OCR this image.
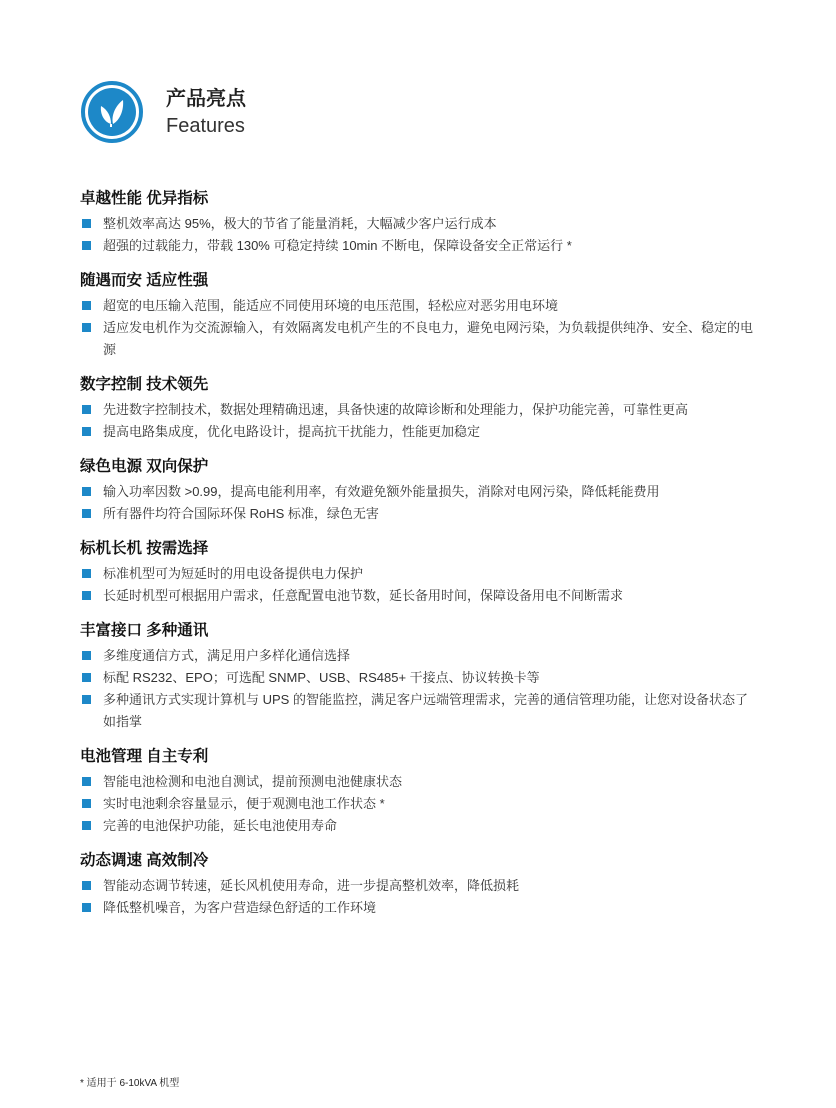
产品亮点
Features
卓越性能 优异指标
整机效率高达 95%，极大的节省了能量消耗，大幅减少客户运行成本
超强的过载能力，带载 130% 可稳定持续 10min 不断电，保障设备安全正常运行 *
随遇而安 适应性强
超宽的电压输入范围，能适应不同使用环境的电压范围，轻松应对恶劣用电环境
适应发电机作为交流源输入，有效隔离发电机产生的不良电力，避免电网污染，为负载提供纯净、安全、稳定的电源
数字控制 技术领先
先进数字控制技术，数据处理精确迅速，具备快速的故障诊断和处理能力，保护功能完善，可靠性更高
提高电路集成度，优化电路设计，提高抗干扰能力，性能更加稳定
绿色电源 双向保护
输入功率因数 >0.99，提高电能利用率，有效避免额外能量损失，消除对电网污染，降低耗能费用
所有器件均符合国际环保 RoHS 标准，绿色无害
标机长机 按需选择
标准机型可为短延时的用电设备提供电力保护
长延时机型可根据用户需求，任意配置电池节数，延长备用时间，保障设备用电不间断需求
丰富接口 多种通讯
多维度通信方式，满足用户多样化通信选择
标配 RS232、EPO；可选配 SNMP、USB、RS485+ 干接点、协议转换卡等
多种通讯方式实现计算机与 UPS 的智能监控，满足客户远端管理需求，完善的通信管理功能，让您对设备状态了如指掌
电池管理 自主专利
智能电池检测和电池自测试，提前预测电池健康状态
实时电池剩余容量显示，便于观测电池工作状态 *
完善的电池保护功能，延长电池使用寿命
动态调速 高效制冷
智能动态调节转速，延长风机使用寿命，进一步提高整机效率，降低损耗
降低整机噪音，为客户营造绿色舒适的工作环境
* 适用于 6-10kVA 机型
